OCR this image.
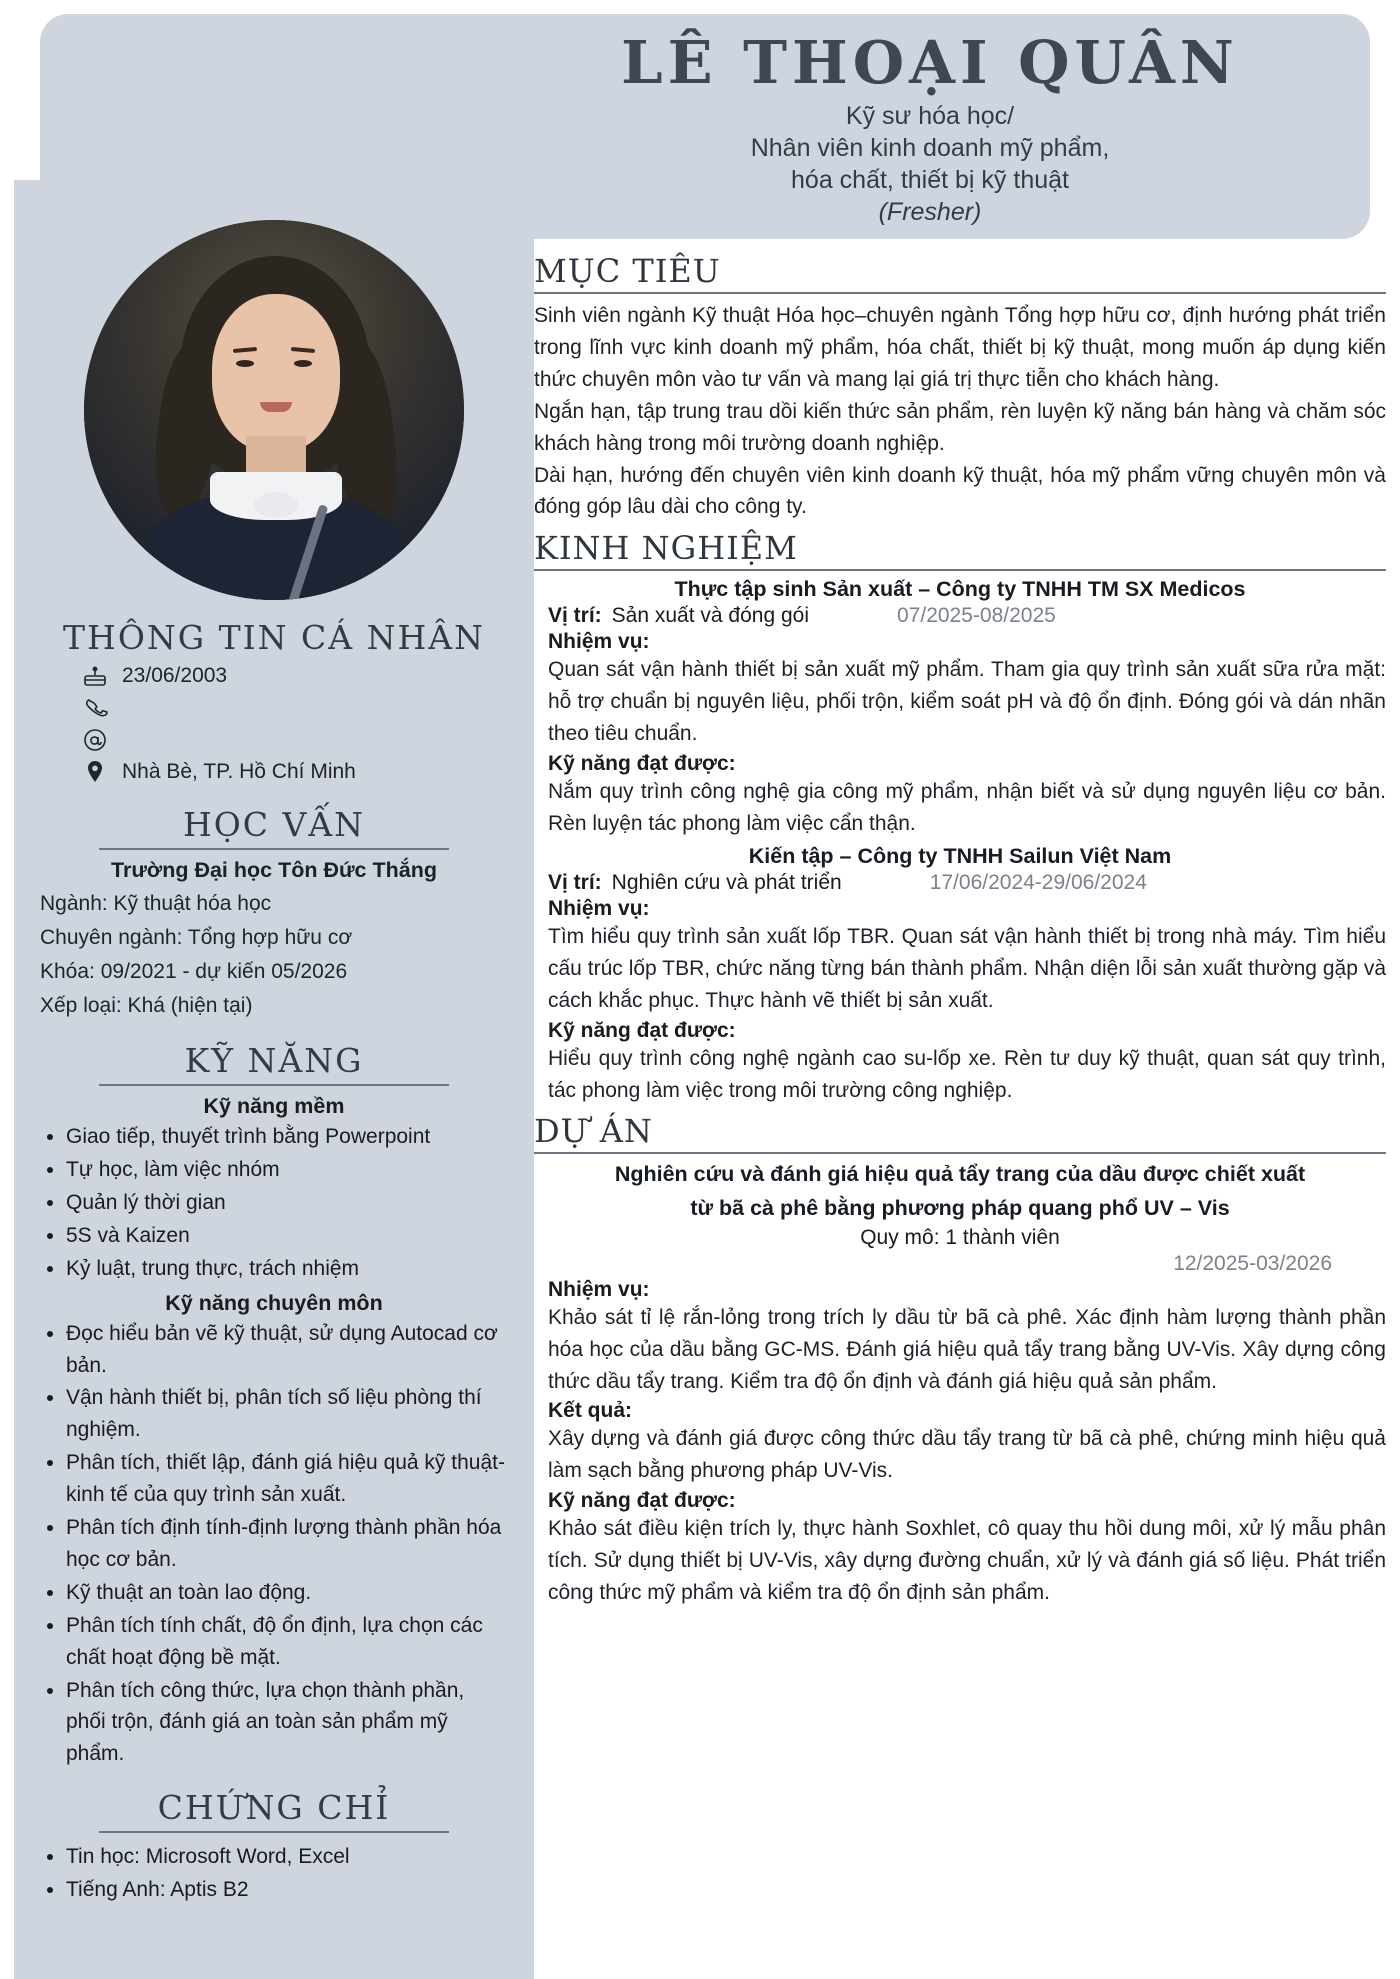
LÊ THOẠI QUÂN
Kỹ sư hóa học/
Nhân viên kinh doanh mỹ phẩm,
hóa chất, thiết bị kỹ thuật
(Fresher)
THÔNG TIN CÁ NHÂN
23/06/2003
Nhà Bè, TP. Hồ Chí Minh
HỌC VẤN
Trường Đại học Tôn Đức Thắng
Ngành: Kỹ thuật hóa học
Chuyên ngành: Tổng hợp hữu cơ
Khóa: 09/2021 - dự kiến 05/2026
Xếp loại: Khá (hiện tại)
KỸ NĂNG
Kỹ năng mềm
• Giao tiếp, thuyết trình bằng Powerpoint
• Tự học, làm việc nhóm
• Quản lý thời gian
• 5S và Kaizen
• Kỷ luật, trung thực, trách nhiệm
Kỹ năng chuyên môn
• Đọc hiểu bản vẽ kỹ thuật, sử dụng Autocad cơ bản.
• Vận hành thiết bị, phân tích số liệu phòng thí nghiệm.
• Phân tích, thiết lập, đánh giá hiệu quả kỹ thuật-kinh tế của quy trình sản xuất.
• Phân tích định tính-định lượng thành phần hóa học cơ bản.
• Kỹ thuật an toàn lao động.
• Phân tích tính chất, độ ổn định, lựa chọn các chất hoạt động bề mặt.
• Phân tích công thức, lựa chọn thành phần, phối trộn, đánh giá an toàn sản phẩm mỹ phẩm.
CHỨNG CHỈ
• Tin học: Microsoft Word, Excel
• Tiếng Anh: Aptis B2
MỤC TIÊU

Sinh viên ngành Kỹ thuật Hóa học–chuyên ngành Tổng hợp hữu cơ, định hướng phát triển trong lĩnh vực kinh doanh mỹ phẩm, hóa chất, thiết bị kỹ thuật, mong muốn áp dụng kiến thức chuyên môn vào tư vấn và mang lại giá trị thực tiễn cho khách hàng.

Ngắn hạn, tập trung trau dồi kiến thức sản phẩm, rèn luyện kỹ năng bán hàng và chăm sóc khách hàng trong môi trường doanh nghiệp.

Dài hạn, hướng đến chuyên viên kinh doanh kỹ thuật, hóa mỹ phẩm vững chuyên môn và đóng góp lâu dài cho công ty.

KINH NGHIỆM
Thực tập sinh Sản xuất – Công ty TNHH TM SX Medicos
Vị trí: Sản xuất và đóng gói	07/2025-08/2025
Nhiệm vụ:

Quan sát vận hành thiết bị sản xuất mỹ phẩm. Tham gia quy trình sản xuất sữa rửa mặt: hỗ trợ chuẩn bị nguyên liệu, phối trộn, kiểm soát pH và độ ổn định. Đóng gói và dán nhãn theo tiêu chuẩn.

Kỹ năng đạt được:

Nắm quy trình công nghệ gia công mỹ phẩm, nhận biết và sử dụng nguyên liệu cơ bản. Rèn luyện tác phong làm việc cẩn thận.

Kiến tập – Công ty TNHH Sailun Việt Nam
Vị trí: Nghiên cứu và phát triển	17/06/2024-29/06/2024
Nhiệm vụ:

Tìm hiểu quy trình sản xuất lốp TBR. Quan sát vận hành thiết bị trong nhà máy. Tìm hiểu cấu trúc lốp TBR, chức năng từng bán thành phẩm. Nhận diện lỗi sản xuất thường gặp và cách khắc phục. Thực hành vẽ thiết bị sản xuất.

Kỹ năng đạt được:

Hiểu quy trình công nghệ ngành cao su-lốp xe. Rèn tư duy kỹ thuật, quan sát quy trình, tác phong làm việc trong môi trường công nghiệp.

DỰ ÁN
Nghiên cứu và đánh giá hiệu quả tẩy trang của dầu được chiết xuất
từ bã cà phê bằng phương pháp quang phổ UV – Vis
Quy mô: 1 thành viên
12/2025-03/2026
Nhiệm vụ:

Khảo sát tỉ lệ rắn-lỏng trong trích ly dầu từ bã cà phê. Xác định hàm lượng thành phần hóa học của dầu bằng GC-MS. Đánh giá hiệu quả tẩy trang bằng UV-Vis. Xây dựng công thức dầu tẩy trang. Kiểm tra độ ổn định và đánh giá hiệu quả sản phẩm.

Kết quả:

Xây dựng và đánh giá được công thức dầu tẩy trang từ bã cà phê, chứng minh hiệu quả làm sạch bằng phương pháp UV-Vis.

Kỹ năng đạt được:

Khảo sát điều kiện trích ly, thực hành Soxhlet, cô quay thu hồi dung môi, xử lý mẫu phân tích. Sử dụng thiết bị UV-Vis, xây dựng đường chuẩn, xử lý và đánh giá số liệu. Phát triển công thức mỹ phẩm và kiểm tra độ ổn định sản phẩm.
